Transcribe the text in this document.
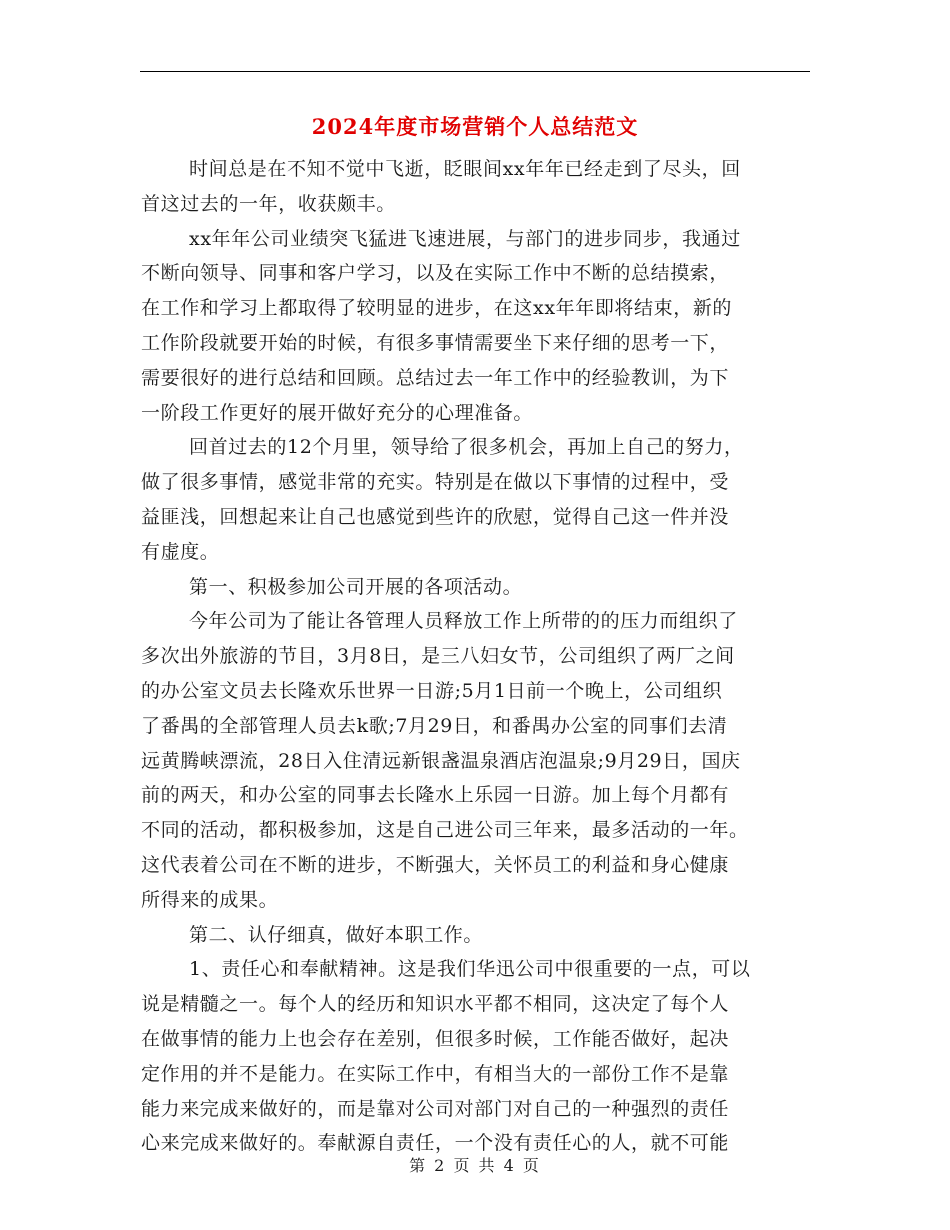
2024年度市场营销个人总结范文

时间总是在不知不觉中飞逝，眨眼间xx年年已经走到了尽头，回
首这过去的一年，收获颇丰。

xx年年公司业绩突飞猛进飞速进展，与部门的进步同步，我通过
不断向领导、同事和客户学习，以及在实际工作中不断的总结摸索，
在工作和学习上都取得了较明显的进步，在这xx年年即将结束，新的
工作阶段就要开始的时候，有很多事情需要坐下来仔细的思考一下，
需要很好的进行总结和回顾。总结过去一年工作中的经验教训，为下
一阶段工作更好的展开做好充分的心理准备。

回首过去的12个月里，领导给了很多机会，再加上自己的努力，
做了很多事情，感觉非常的充实。特别是在做以下事情的过程中，受
益匪浅，回想起来让自己也感觉到些许的欣慰，觉得自己这一件并没
有虚度。

第一、积极参加公司开展的各项活动。

今年公司为了能让各管理人员释放工作上所带的的压力而组织了
多次出外旅游的节目，3月8日，是三八妇女节，公司组织了两厂之间
的办公室文员去长隆欢乐世界一日游;5月1日前一个晚上，公司组织
了番禺的全部管理人员去k歌;7月29日，和番禺办公室的同事们去清
远黄腾峡漂流，28日入住清远新银盏温泉酒店泡温泉;9月29日，国庆
前的两天，和办公室的同事去长隆水上乐园一日游。加上每个月都有
不同的活动，都积极参加，这是自己进公司三年来，最多活动的一年。
这代表着公司在不断的进步，不断强大，关怀员工的利益和身心健康
所得来的成果。

第二、认仔细真，做好本职工作。

1、责任心和奉献精神。这是我们华迅公司中很重要的一点，可以
说是精髓之一。每个人的经历和知识水平都不相同，这决定了每个人
在做事情的能力上也会存在差别，但很多时候，工作能否做好，起决
定作用的并不是能力。在实际工作中，有相当大的一部份工作不是靠
能力来完成来做好的，而是靠对公司对部门对自己的一种强烈的责任
心来完成来做好的。奉献源自责任，一个没有责任心的人，就不可能

第 2 页 共 4 页
